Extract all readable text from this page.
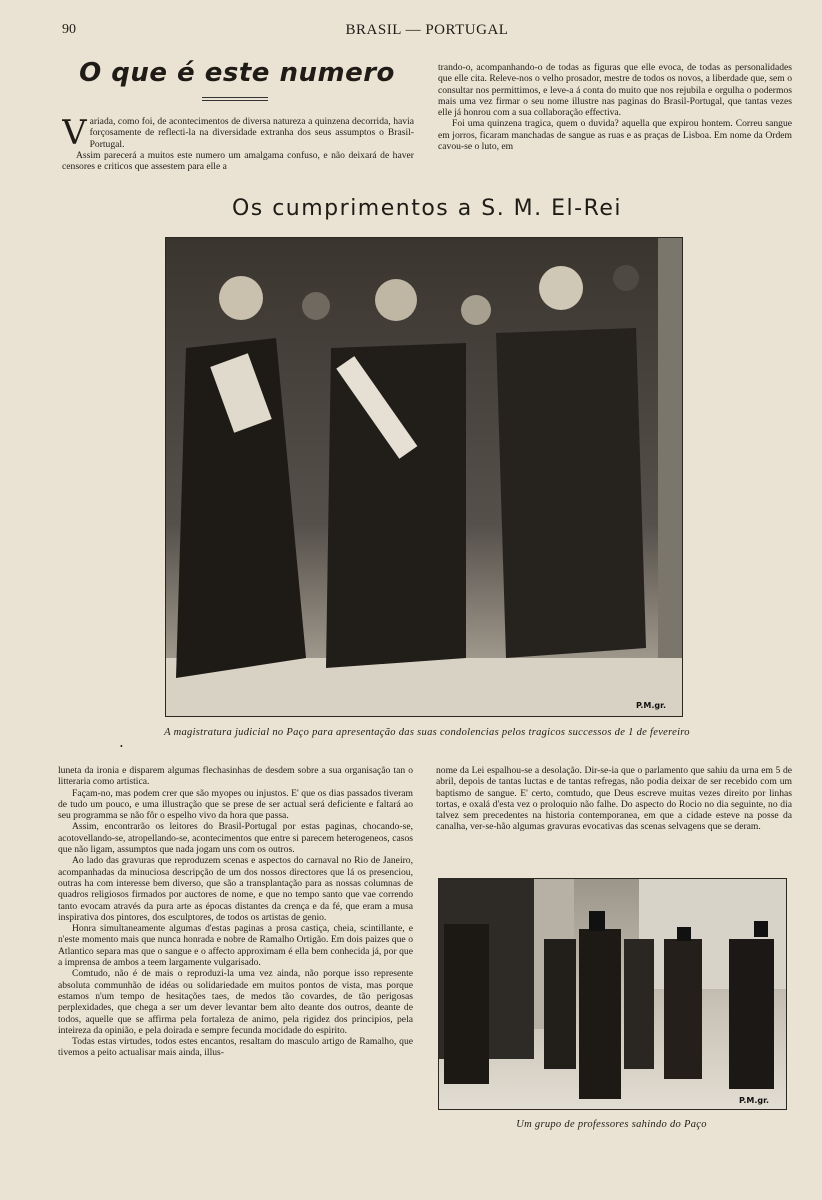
90	BRASIL — PORTUGAL
O que é este numero

Variada, como foi, de acontecimentos de diversa natureza a quinzena decorrida, havia forçosamente de reflecti-la na diversidade extranha dos seus assumptos o Brasil-Portugal.

Assim parecerá a muitos este numero um amalgama confuso, e não deixará de haver censores e criticos que assestem para elle a

trando-o, acompanhando-o de todas as figuras que elle evoca, de todas as personalidades que elle cita. Releve-nos o velho prosador, mestre de todos os novos, a liberdade que, sem o consultar nos permittimos, e leve-a á conta do muito que nos rejubila e orgulha o podermos mais uma vez firmar o seu nome illustre nas paginas do Brasil-Portugal, que tantas vezes elle já honrou com a sua collaboração effectiva.

Foi uma quinzena tragica, quem o duvida? aquella que expirou hontem. Correu sangue em jorros, ficaram manchadas de sangue as ruas e as praças de Lisboa. Em nome da Ordem cavou-se o luto, em

Os cumprimentos a S. M. El-Rei
P.M.gr.
A magistratura judicial no Paço para apresentação das suas condolencias pelos tragicos successos de 1 de fevereiro
•

luneta da ironia e disparem algumas flechasinhas de desdem sobre a sua organisação tan o litteraria como artistica.

Façam-no, mas podem crer que são myopes ou injustos. E' que os dias passados tiveram de tudo um pouco, e uma illustração que se prese de ser actual será deficiente e faltará ao seu programma se não fôr o espelho vivo da hora que passa.

Assim, encontrarão os leitores do Brasil-Portugal por estas paginas, chocando-se, acotovellando-se, atropellando-se, acontecimentos que entre si parecem heterogeneos, casos que não ligam, assumptos que nada jogam uns com os outros.

Ao lado das gravuras que reproduzem scenas e aspectos do carnaval no Rio de Janeiro, acompanhadas da minuciosa descripção de um dos nossos directores que lá os presenciou, outras ha com interesse bem diverso, que são a transplantação para as nossas columnas de quadros religiosos firmados por auctores de nome, e que no tempo santo que vae correndo tanto evocam através da pura arte as épocas distantes da crença e da fé, que eram a musa inspirativa dos pintores, dos esculptores, de todos os artistas de genio.

Honra simultaneamente algumas d'estas paginas a prosa castiça, cheia, scintillante, e n'este momento mais que nunca honrada e nobre de Ramalho Ortigão. Em dois paizes que o Atlantico separa mas que o sangue e o affecto approximam é ella bem conhecida já, por que a imprensa de ambos a teem largamente vulgarisado.

Comtudo, não é de mais o reproduzi-la uma vez ainda, não porque isso represente absoluta communhão de idéas ou solidariedade em muitos pontos de vista, mas porque estamos n'um tempo de hesitações taes, de medos tão covardes, de tão perigosas perplexidades, que chega a ser um dever levantar bem alto deante dos outros, deante de todos, aquelle que se affirma pela fortaleza de animo, pela rigidez dos principios, pela inteireza da opinião, e pela doirada e sempre fecunda mocidade do espirito.

Todas estas virtudes, todos estes encantos, resaltam do masculo artigo de Ramalho, que tivemos a peito actualisar mais ainda, illus-

nome da Lei espalhou-se a desolação. Dir-se-ia que o parlamento que sahiu da urna em 5 de abril, depois de tantas luctas e de tantas refregas, não podia deixar de ser recebido com um baptismo de sangue. E' certo, comtudo, que Deus escreve muitas vezes direito por linhas tortas, e oxalá d'esta vez o proloquio não falhe. Do aspecto do Rocio no dia seguinte, no dia talvez sem precedentes na historia contemporanea, em que a cidade esteve na posse da canalha, ver-se-hão algumas gravuras evocativas das scenas selvagens que se deram.

P.M.gr.
Um grupo de professores sahindo do Paço
